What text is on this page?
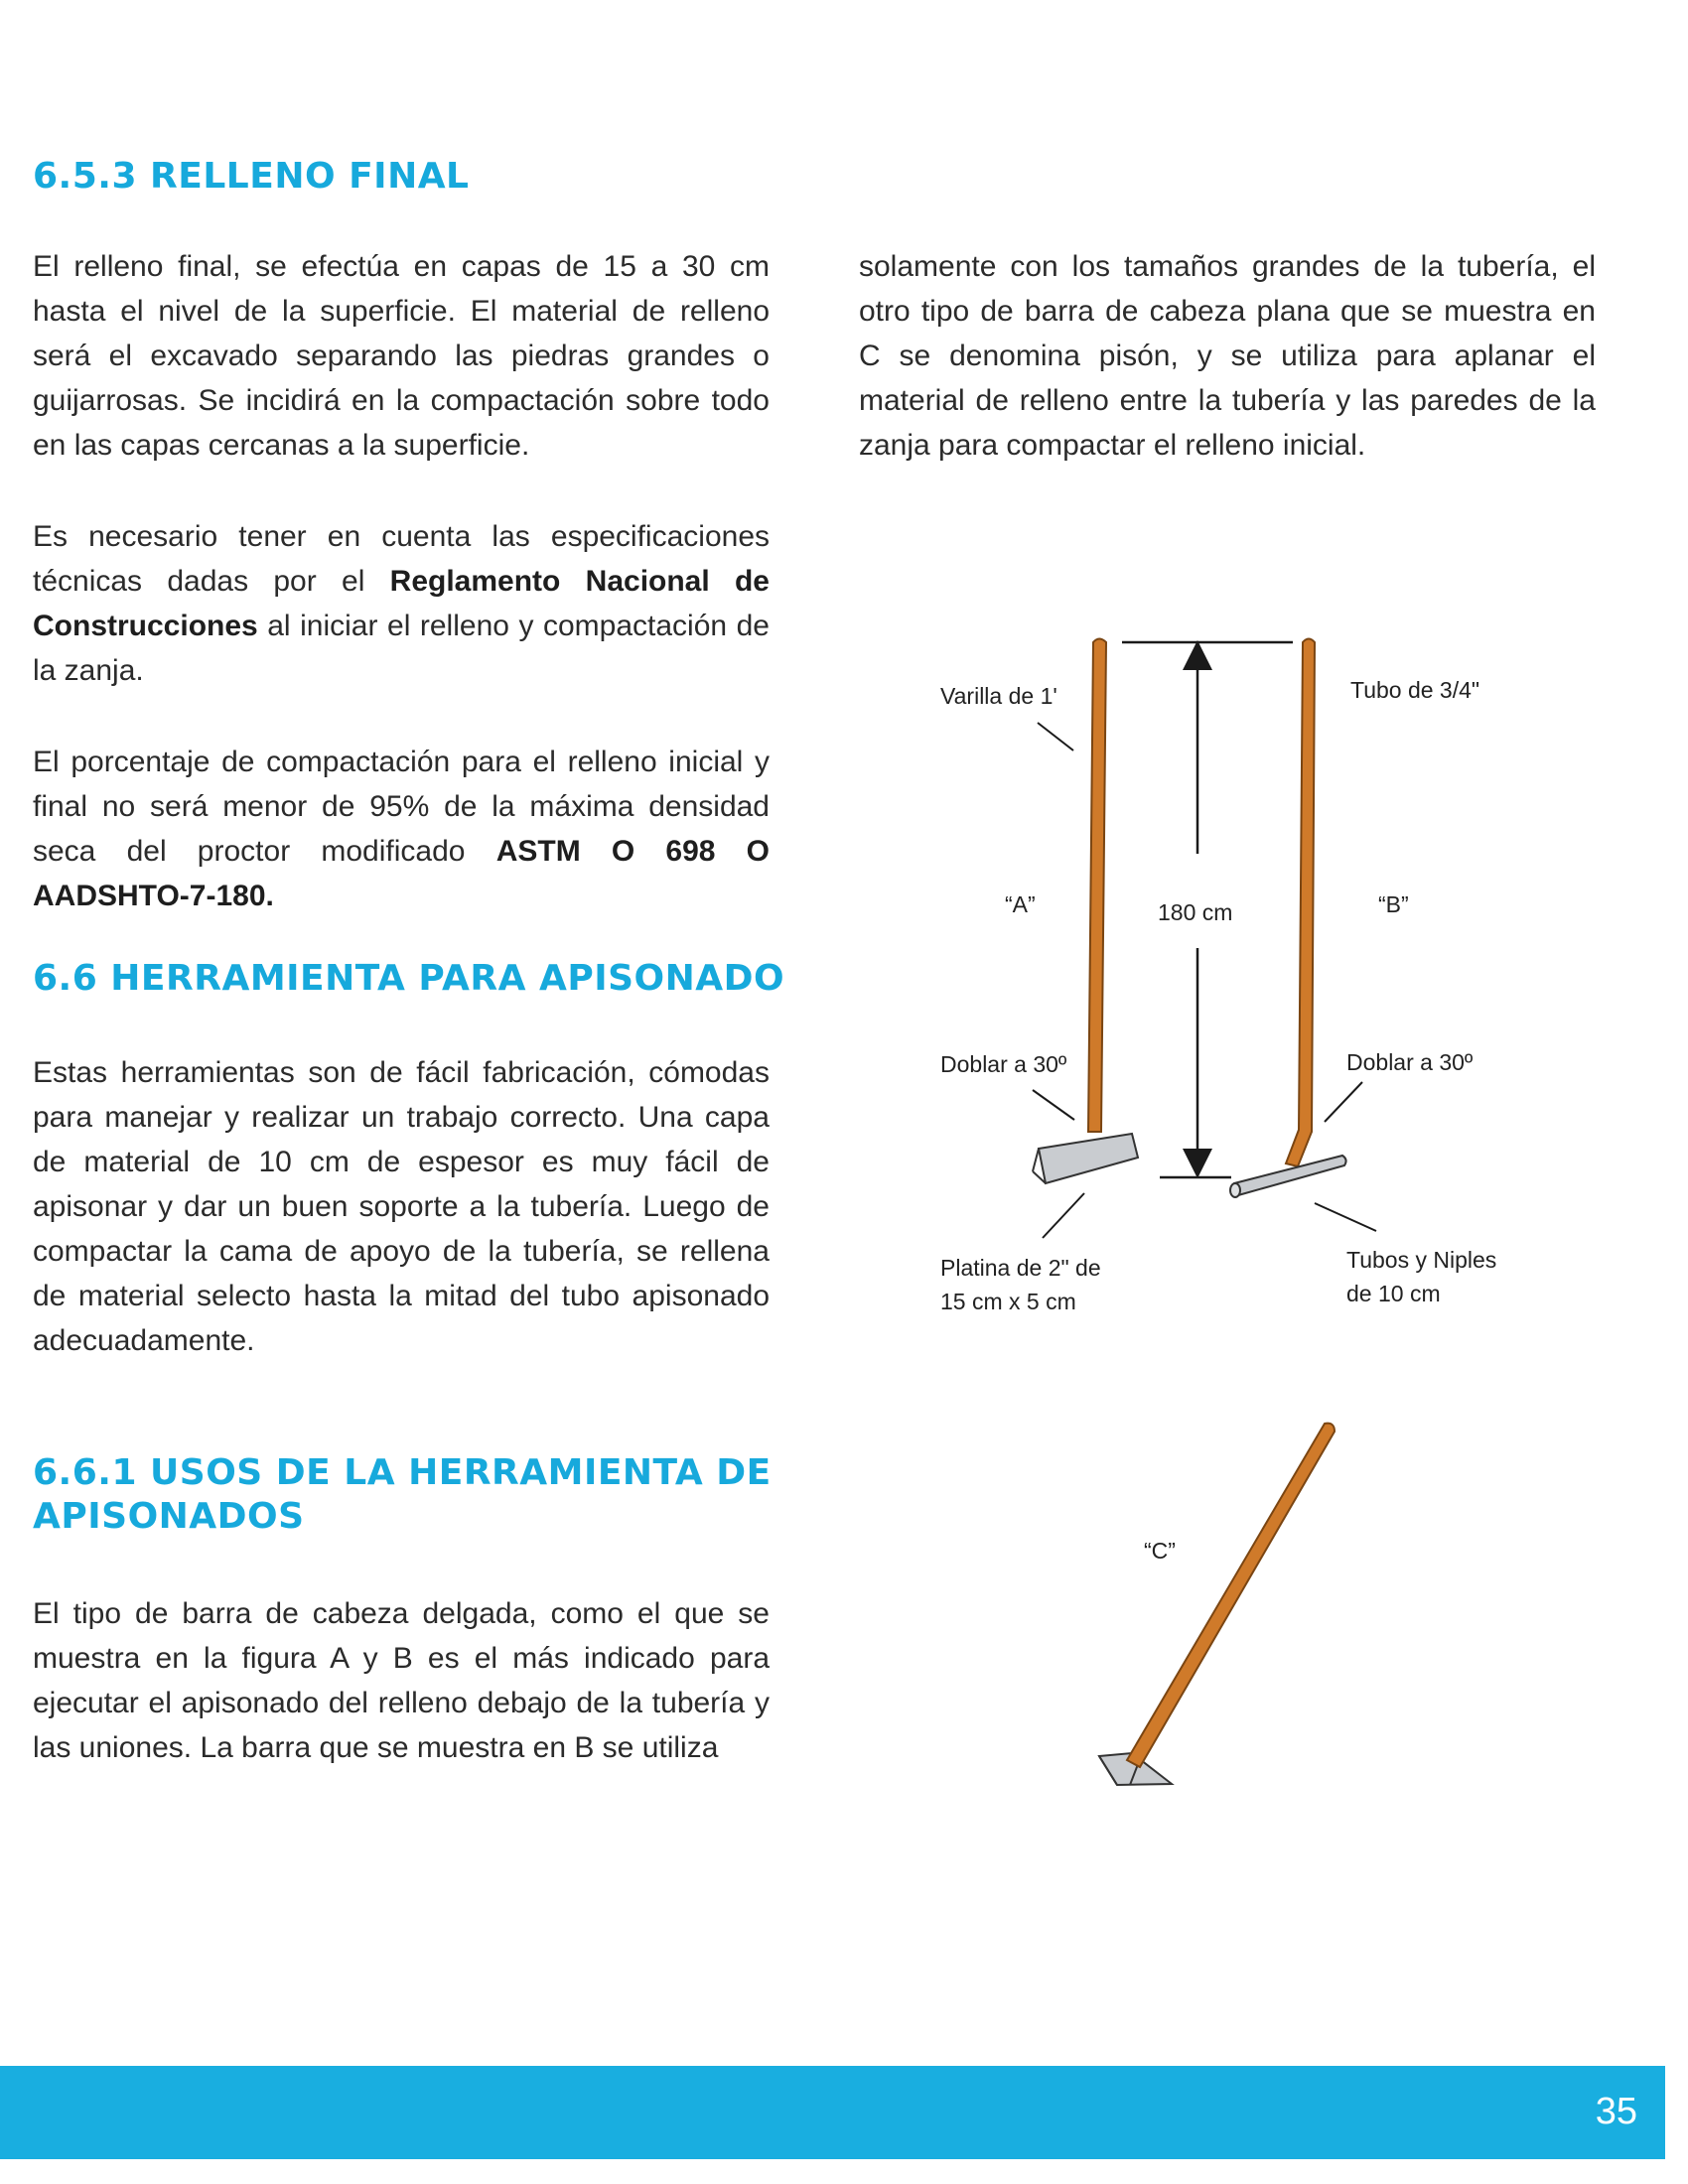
6.5.3 RELLENO FINAL

El relleno final, se efectúa en capas de 15 a 30 cm hasta el nivel de la superficie. El material de relleno será el excavado separando las piedras grandes o guijarrosas. Se incidirá en la compactación sobre todo en las capas cercanas a la superficie.

Es necesario tener en cuenta las especificaciones técnicas dadas por el Reglamento Nacional de Construcciones al iniciar el relleno y compactación de la zanja.

El porcentaje de compactación para el relleno inicial y final no será menor de 95% de la máxima densidad seca del proctor modificado ASTM O 698 O AADSHTO-7-180.

6.6 HERRAMIENTA PARA APISONADO

Estas herramientas son de fácil fabricación, cómodas para manejar y realizar un trabajo correcto. Una capa de material de 10 cm de espesor es muy fácil de apisonar y dar un buen soporte a la tubería. Luego de compactar la cama de apoyo de la tubería, se rellena de material selecto hasta la mitad del tubo apisonado adecuadamente.

6.6.1 USOS DE LA HERRAMIENTA DE
APISONADOS

El tipo de barra de cabeza delgada, como el que se muestra en la figura A y B es el más indicado para ejecutar el apisonado del relleno debajo de la tubería y las uniones. La barra que se muestra en B se utiliza

solamente con los tamaños grandes de la tubería, el otro tipo de barra de cabeza plana que se muestra en C se denomina pisón, y se utiliza para aplanar el material de relleno entre la tubería y las paredes de la zanja para compactar el relleno inicial.

Varilla de 1'	Tubo de 3/4"
“A”	180 cm	“B”
Doblar a 30º	Doblar a 30º
Platina de 2" de
15 cm x 5 cm
Tubos y Niples
de 10 cm
“C”
35
